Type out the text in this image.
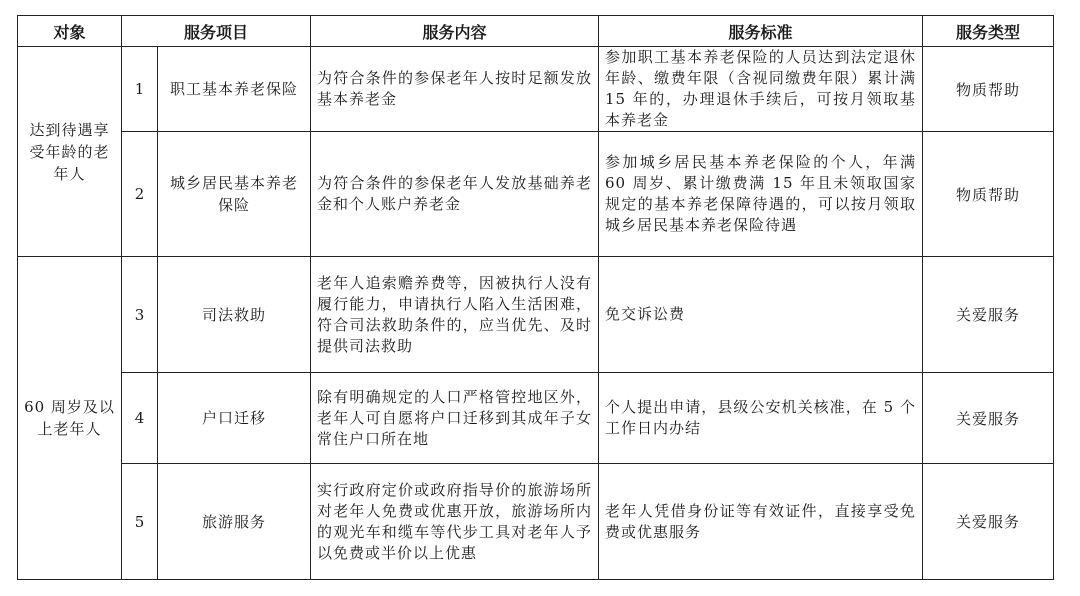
对象	服务项目		服务内容	服务标准	服务类型
达到待遇享受年龄的老年人	1	职工基本养老保险	为符合条件的参保老年人按时足额发放基本养老金	参加职工基本养老保险的人员达到法定退休年龄、缴费年限（含视同缴费年限）累计满 15 年的，办理退休手续后，可按月领取基本养老金	物质帮助
	2	城乡居民基本养老保险	为符合条件的参保老年人发放基础养老金和个人账户养老金	参加城乡居民基本养老保险的个人，年满 60 周岁、累计缴费满 15 年且未领取国家规定的基本养老保障待遇的，可以按月领取城乡居民基本养老保险待遇	物质帮助
60 周岁及以上老年人	3	司法救助	老年人追索赡养费等，因被执行人没有履行能力，申请执行人陷入生活困难，符合司法救助条件的，应当优先、及时提供司法救助	免交诉讼费	关爱服务
	4	户口迁移	除有明确规定的人口严格管控地区外，老年人可自愿将户口迁移到其成年子女常住户口所在地	个人提出申请，县级公安机关核准，在 5 个工作日内办结	关爱服务
	5	旅游服务	实行政府定价或政府指导价的旅游场所对老年人免费或优惠开放，旅游场所内的观光车和缆车等代步工具对老年人予以免费或半价以上优惠	老年人凭借身份证等有效证件，直接享受免费或优惠服务	关爱服务
